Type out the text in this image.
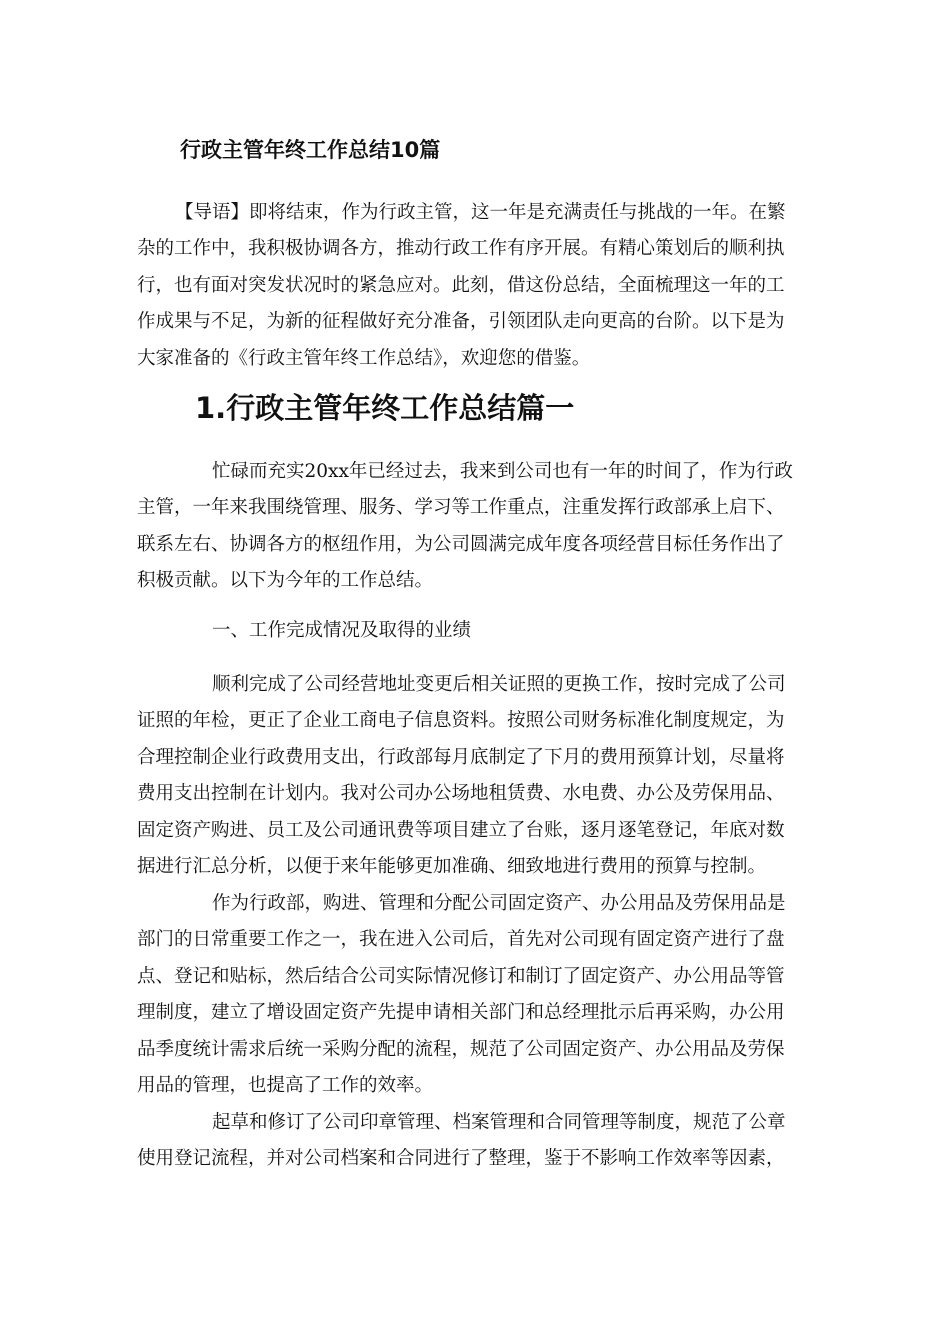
行政主管年终工作总结10篇
【导语】即将结束，作为行政主管，这一年是充满责任与挑战的一年。在繁
杂的工作中，我积极协调各方，推动行政工作有序开展。有精心策划后的顺利执
行，也有面对突发状况时的紧急应对。此刻，借这份总结，全面梳理这一年的工
作成果与不足，为新的征程做好充分准备，引领团队走向更高的台阶。以下是为
大家准备的《行政主管年终工作总结》，欢迎您的借鉴。
1.行政主管年终工作总结篇一
忙碌而充实20xx年已经过去，我来到公司也有一年的时间了，作为行政
主管，一年来我围绕管理、服务、学习等工作重点，注重发挥行政部承上启下、
联系左右、协调各方的枢纽作用，为公司圆满完成年度各项经营目标任务作出了
积极贡献。以下为今年的工作总结。
一、工作完成情况及取得的业绩
顺利完成了公司经营地址变更后相关证照的更换工作，按时完成了公司
证照的年检，更正了企业工商电子信息资料。按照公司财务标准化制度规定，为
合理控制企业行政费用支出，行政部每月底制定了下月的费用预算计划，尽量将
费用支出控制在计划内。我对公司办公场地租赁费、水电费、办公及劳保用品、
固定资产购进、员工及公司通讯费等项目建立了台账，逐月逐笔登记，年底对数
据进行汇总分析，以便于来年能够更加准确、细致地进行费用的预算与控制。
作为行政部，购进、管理和分配公司固定资产、办公用品及劳保用品是
部门的日常重要工作之一，我在进入公司后，首先对公司现有固定资产进行了盘
点、登记和贴标，然后结合公司实际情况修订和制订了固定资产、办公用品等管
理制度，建立了增设固定资产先提申请相关部门和总经理批示后再采购，办公用
品季度统计需求后统一采购分配的流程，规范了公司固定资产、办公用品及劳保
用品的管理，也提高了工作的效率。
起草和修订了公司印章管理、档案管理和合同管理等制度，规范了公章
使用登记流程，并对公司档案和合同进行了整理，鉴于不影响工作效率等因素，
